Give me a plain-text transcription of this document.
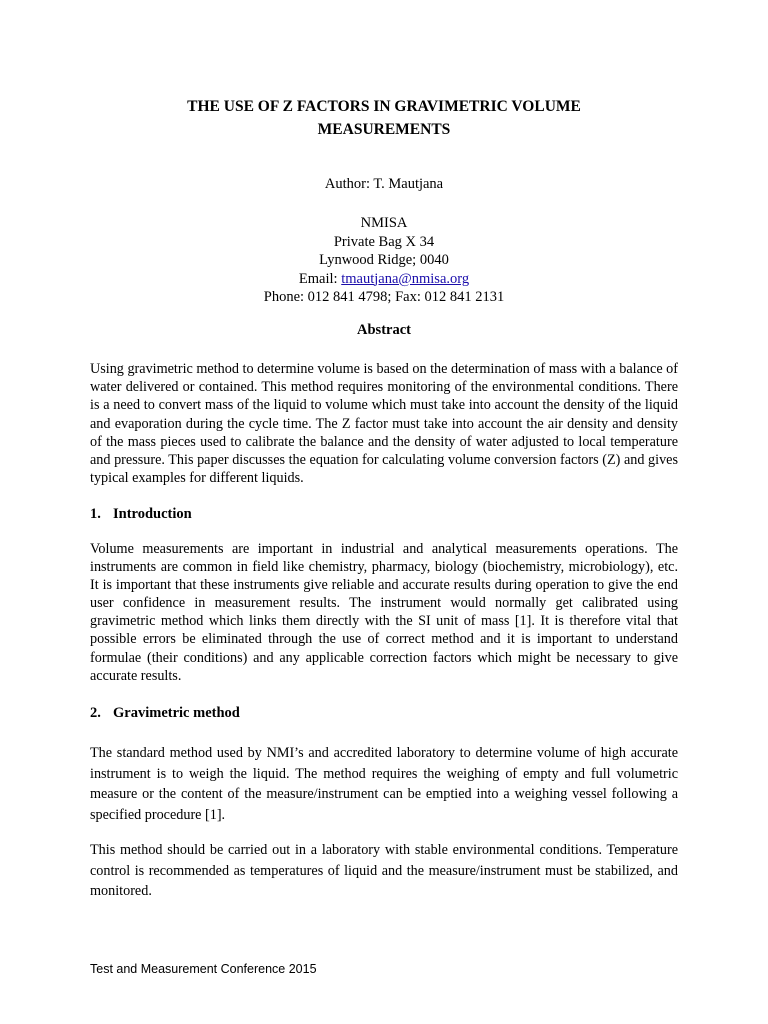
THE USE OF Z FACTORS IN GRAVIMETRIC VOLUME MEASUREMENTS
Author: T. Mautjana
NMISA
Private Bag X 34
Lynwood Ridge; 0040
Email: tmautjana@nmisa.org
Phone: 012 841 4798; Fax: 012 841 2131
Abstract

Using gravimetric method to determine volume is based on the determination of mass with a balance of water delivered or contained. This method requires monitoring of the environmental conditions. There is a need to convert mass of the liquid to volume which must take into account the density of the liquid and evaporation during the cycle time. The Z factor must take into account the air density and density of the mass pieces used to calibrate the balance and the density of water adjusted to local temperature and pressure. This paper discusses the equation for calculating volume conversion factors (Z) and gives typical examples for different liquids.

1. Introduction

Volume measurements are important in industrial and analytical measurements operations. The instruments are common in field like chemistry, pharmacy, biology (biochemistry, microbiology), etc. It is important that these instruments give reliable and accurate results during operation to give the end user confidence in measurement results. The instrument would normally get calibrated using gravimetric method which links them directly with the SI unit of mass [1]. It is therefore vital that possible errors be eliminated through the use of correct method and it is important to understand formulae (their conditions) and any applicable correction factors which might be necessary to give accurate results.

2. Gravimetric method

The standard method used by NMI’s and accredited laboratory to determine volume of high accurate instrument is to weigh the liquid. The method requires the weighing of empty and full volumetric measure or the content of the measure/instrument can be emptied into a weighing vessel following a specified procedure [1].

This method should be carried out in a laboratory with stable environmental conditions. Temperature control is recommended as temperatures of liquid and the measure/instrument must be stabilized, and monitored.

Test and Measurement Conference 2015
